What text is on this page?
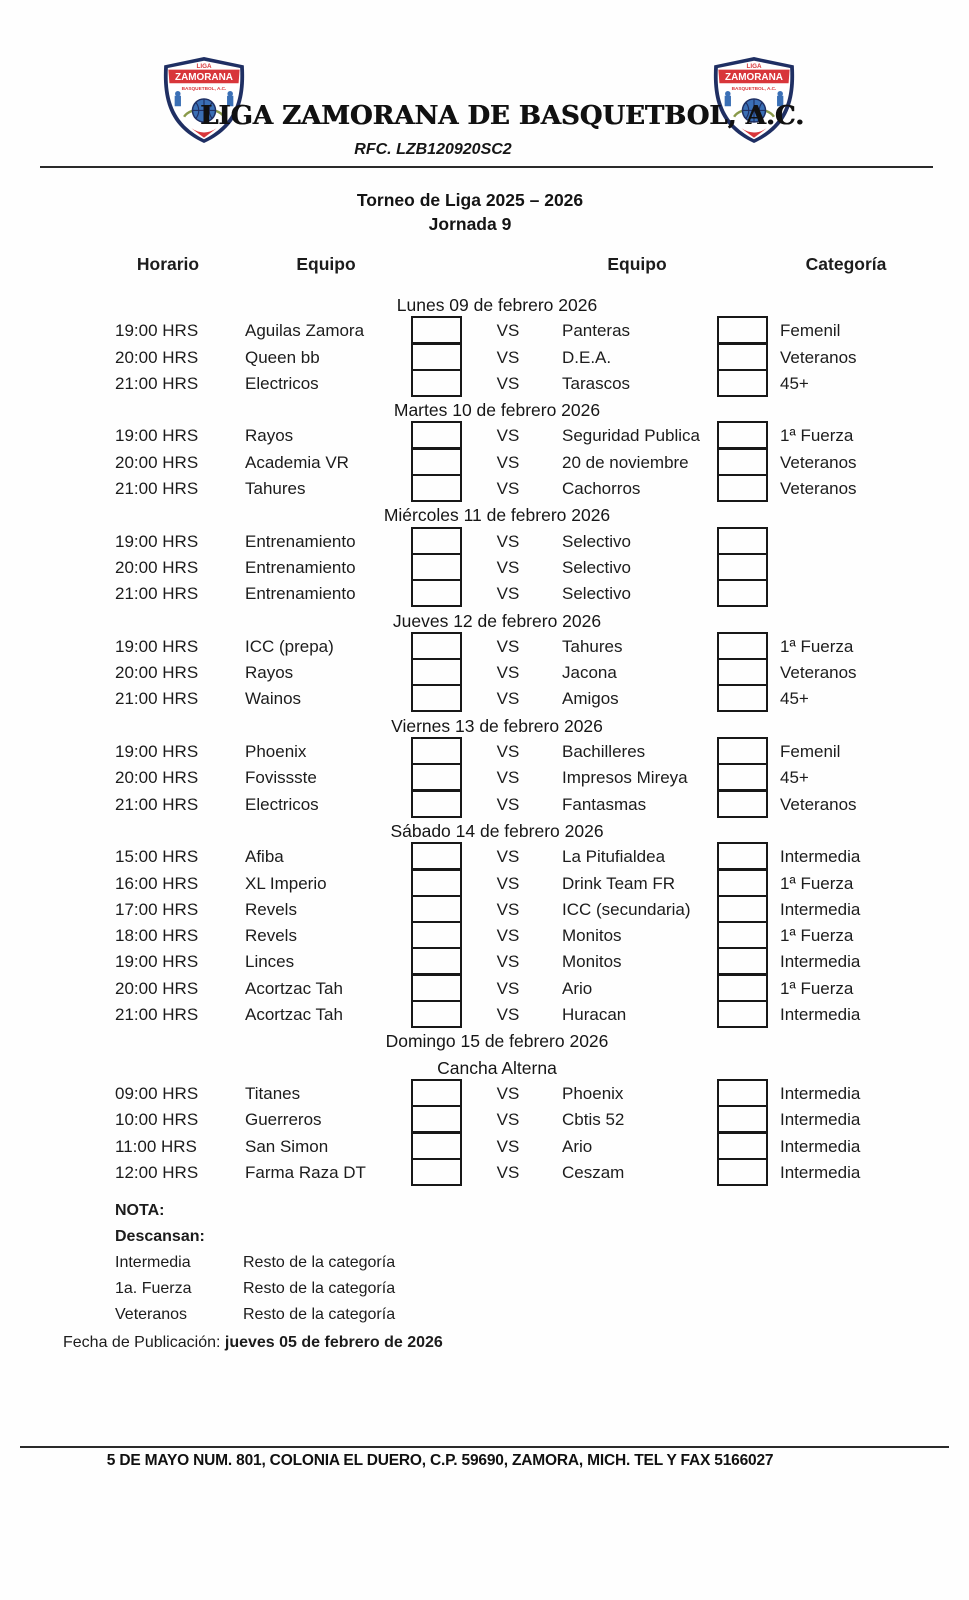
LIGA
ZAMORANA
BASQUETBOL, A.C.
LIGA
ZAMORANA
BASQUETBOL, A.C.
LIGA ZAMORANA DE BASQUETBOL, A.C.
RFC. LZB120920SC2
Torneo de Liga 2025 – 2026
Jornada 9
Horario	Equipo	Equipo	Categoría
Lunes 09 de febrero 2026
19:00 HRS	Aguilas Zamora	VS	Panteras	Femenil
20:00 HRS	Queen bb	VS	D.E.A.	Veteranos
21:00 HRS	Electricos	VS	Tarascos	45+
Martes 10 de febrero 2026
19:00 HRS	Rayos	VS	Seguridad Publica	1ª Fuerza
20:00 HRS	Academia VR	VS	20 de noviembre	Veteranos
21:00 HRS	Tahures	VS	Cachorros	Veteranos
Miércoles 11 de febrero 2026
19:00 HRS	Entrenamiento	VS	Selectivo
20:00 HRS	Entrenamiento	VS	Selectivo
21:00 HRS	Entrenamiento	VS	Selectivo
Jueves 12 de febrero 2026
19:00 HRS	ICC (prepa)	VS	Tahures	1ª Fuerza
20:00 HRS	Rayos	VS	Jacona	Veteranos
21:00 HRS	Wainos	VS	Amigos	45+
Viernes 13 de febrero 2026
19:00 HRS	Phoenix	VS	Bachilleres	Femenil
20:00 HRS	Fovissste	VS	Impresos Mireya	45+
21:00 HRS	Electricos	VS	Fantasmas	Veteranos
Sábado 14 de febrero 2026
15:00 HRS	Afiba	VS	La Pitufialdea	Intermedia
16:00 HRS	XL Imperio	VS	Drink Team FR	1ª Fuerza
17:00 HRS	Revels	VS	ICC (secundaria)	Intermedia
18:00 HRS	Revels	VS	Monitos	1ª Fuerza
19:00 HRS	Linces	VS	Monitos	Intermedia
20:00 HRS	Acortzac Tah	VS	Ario	1ª Fuerza
21:00 HRS	Acortzac Tah	VS	Huracan	Intermedia
Domingo 15 de febrero 2026
Cancha Alterna
09:00 HRS	Titanes	VS	Phoenix	Intermedia
10:00 HRS	Guerreros	VS	Cbtis 52	Intermedia
11:00 HRS	San Simon	VS	Ario	Intermedia
12:00 HRS	Farma Raza DT	VS	Ceszam	Intermedia
NOTA:
Descansan:
Intermedia	Resto de la categoría
1a. Fuerza	Resto de la categoría
Veteranos	Resto de la categoría
Fecha de Publicación: jueves 05 de febrero de 2026
5 DE MAYO NUM. 801, COLONIA EL DUERO, C.P. 59690, ZAMORA, MICH. TEL Y FAX 5166027
